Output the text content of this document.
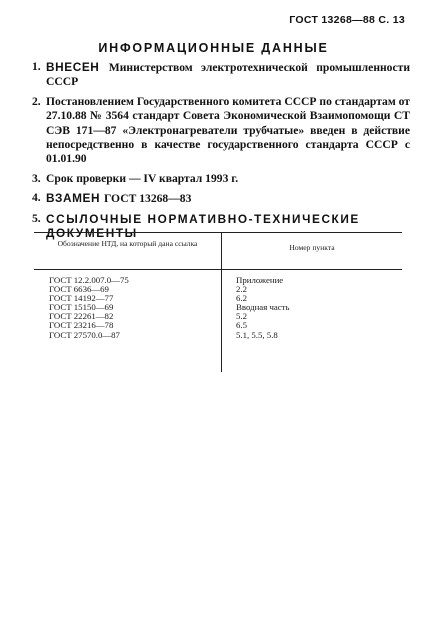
ГОСТ 13268—88 С. 13
ИНФОРМАЦИОННЫЕ ДАННЫЕ
1. ВНЕСЕН Министерством электротехнической промышленности СССР
2. Постановлением Государственного комитета СССР по стандартам от 27.10.88 № 3564 стандарт Совета Экономической Взаимопомощи СТ СЭВ 171—87 «Электронагреватели трубчатые» введен в действие непосредственно в качестве государственного стандарта СССР с 01.01.90
3. Срок проверки — IV квартал 1993 г.
4. ВЗАМЕН ГОСТ 13268—83
5. ССЫЛОЧНЫЕ НОРМАТИВНО-ТЕХНИЧЕСКИЕ ДОКУМЕНТЫ
Обозначение НТД, на который дана ссылка	Номер пункта
ГОСТ 12.2.007.0—75
ГОСТ 6636—69
ГОСТ 14192—77
ГОСТ 15150—69
ГОСТ 22261—82
ГОСТ 23216—78
ГОСТ 27570.0—87
Приложение
2.2
6.2
Вводная часть
5.2
6.5
5.1, 5.5, 5.8
